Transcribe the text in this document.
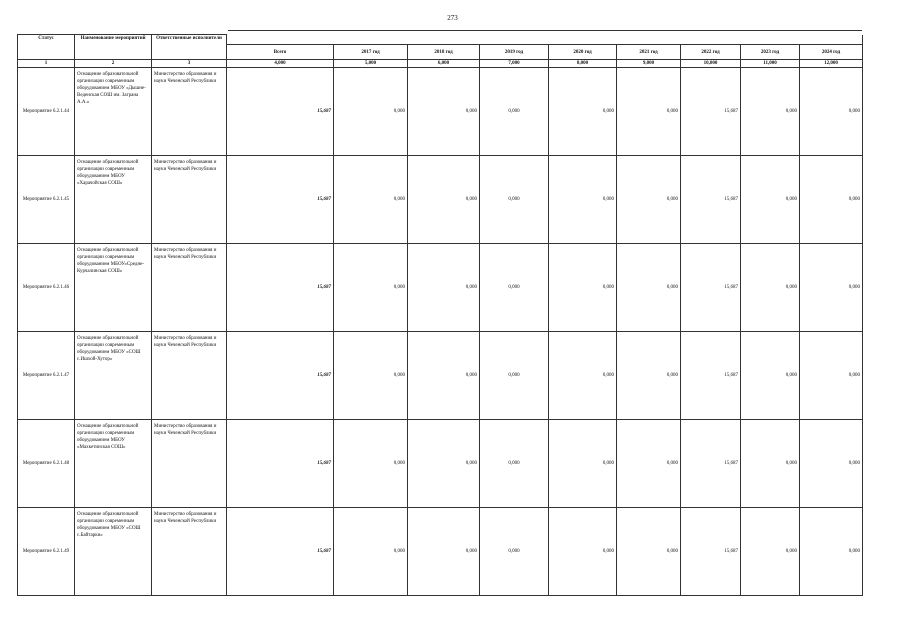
273
Статус	Наименование мероприятий	Ответственные исполнители									
			Всего	2017 год	2018 год	2019 год	2020 год	2021 год	2022 год	2023 год	2024 год
1	2	3	4,000	5,000	6,000	7,000	8,000	9,000	10,000	11,000	12,000
Мероприятие 6.2.1.44	Оснащение образовательной организации современным оборудованием МБОУ «Дышне-Веденская СОШ им. Заграна А.А.»	Министерство образования и науки Чеченской Республики	15,687	0,000	0,000	0,000	0,000	0,000	15,687	0,000	0,000
Мероприятие 6.2.1.45	Оснащение образовательной организации современным оборудованием МБОУ «Харачойская СОШ»	Министерство образования и науки Чеченской Республики	15,687	0,000	0,000	0,000	0,000	0,000	15,687	0,000	0,000
Мероприятие 6.2.1.46	Оснащение образовательной организации современным оборудованием МБОУ«Средне-Курчалинская СОШ»	Министерство образования и науки Чеченской Республики	15,687	0,000	0,000	0,000	0,000	0,000	15,687	0,000	0,000
Мероприятие 6.2.1.47	Оснащение образовательной организации современным оборудованием МБОУ «СОШ с.Ишхой-Хутор»	Министерство образования и науки Чеченской Республики	15,687	0,000	0,000	0,000	0,000	0,000	15,687	0,000	0,000
Мероприятие 6.2.1.48	Оснащение образовательной организации современным оборудованием МБОУ «Махкетинская СОШ»	Министерство образования и науки Чеченской Республики	15,687	0,000	0,000	0,000	0,000	0,000	15,687	0,000	0,000
Мероприятие 6.2.1.49	Оснащение образовательной организации современным оборудованием МБОУ «СОШ с.Байтарки»	Министерство образования и науки Чеченской Республики	15,687	0,000	0,000	0,000	0,000	0,000	15,687	0,000	0,000
